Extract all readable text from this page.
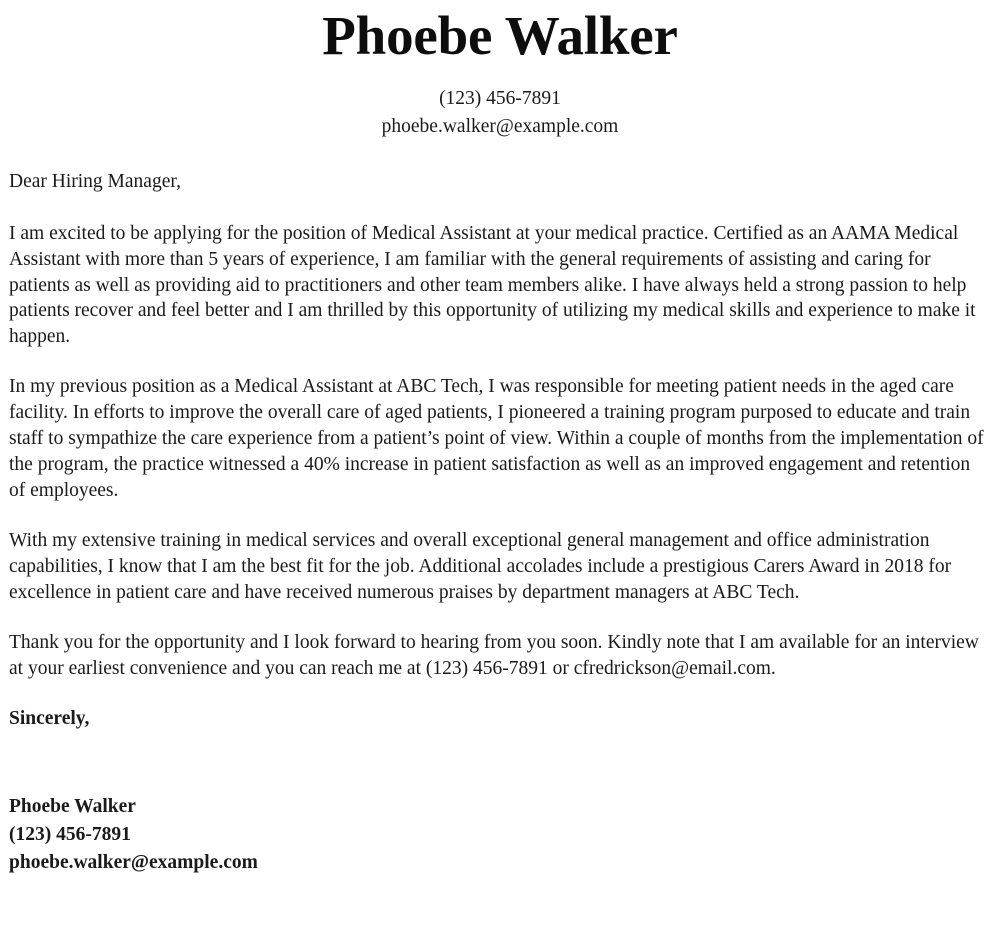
Phoebe Walker
(123) 456-7891
phoebe.walker@example.com

Dear Hiring Manager,

I am excited to be applying for the position of Medical Assistant at your medical practice. Certified as an AAMA Medical Assistant with more than 5 years of experience, I am familiar with the general requirements of assisting and caring for patients as well as providing aid to practitioners and other team members alike. I have always held a strong passion to help patients recover and feel better and I am thrilled by this opportunity of utilizing my medical skills and experience to make it happen.

In my previous position as a Medical Assistant at ABC Tech, I was responsible for meeting patient needs in the aged care facility. In efforts to improve the overall care of aged patients, I pioneered a training program purposed to educate and train staff to sympathize the care experience from a patient’s point of view. Within a couple of months from the implementation of the program, the practice witnessed a 40% increase in patient satisfaction as well as an improved engagement and retention of employees.

With my extensive training in medical services and overall exceptional general management and office administration capabilities, I know that I am the best fit for the job. Additional accolades include a prestigious Carers Award in 2018 for excellence in patient care and have received numerous praises by department managers at ABC Tech.

Thank you for the opportunity and I look forward to hearing from you soon. Kindly note that I am available for an interview at your earliest convenience and you can reach me at (123) 456-7891 or cfredrickson@email.com.

Sincerely,

Phoebe Walker
(123) 456-7891
phoebe.walker@example.com
